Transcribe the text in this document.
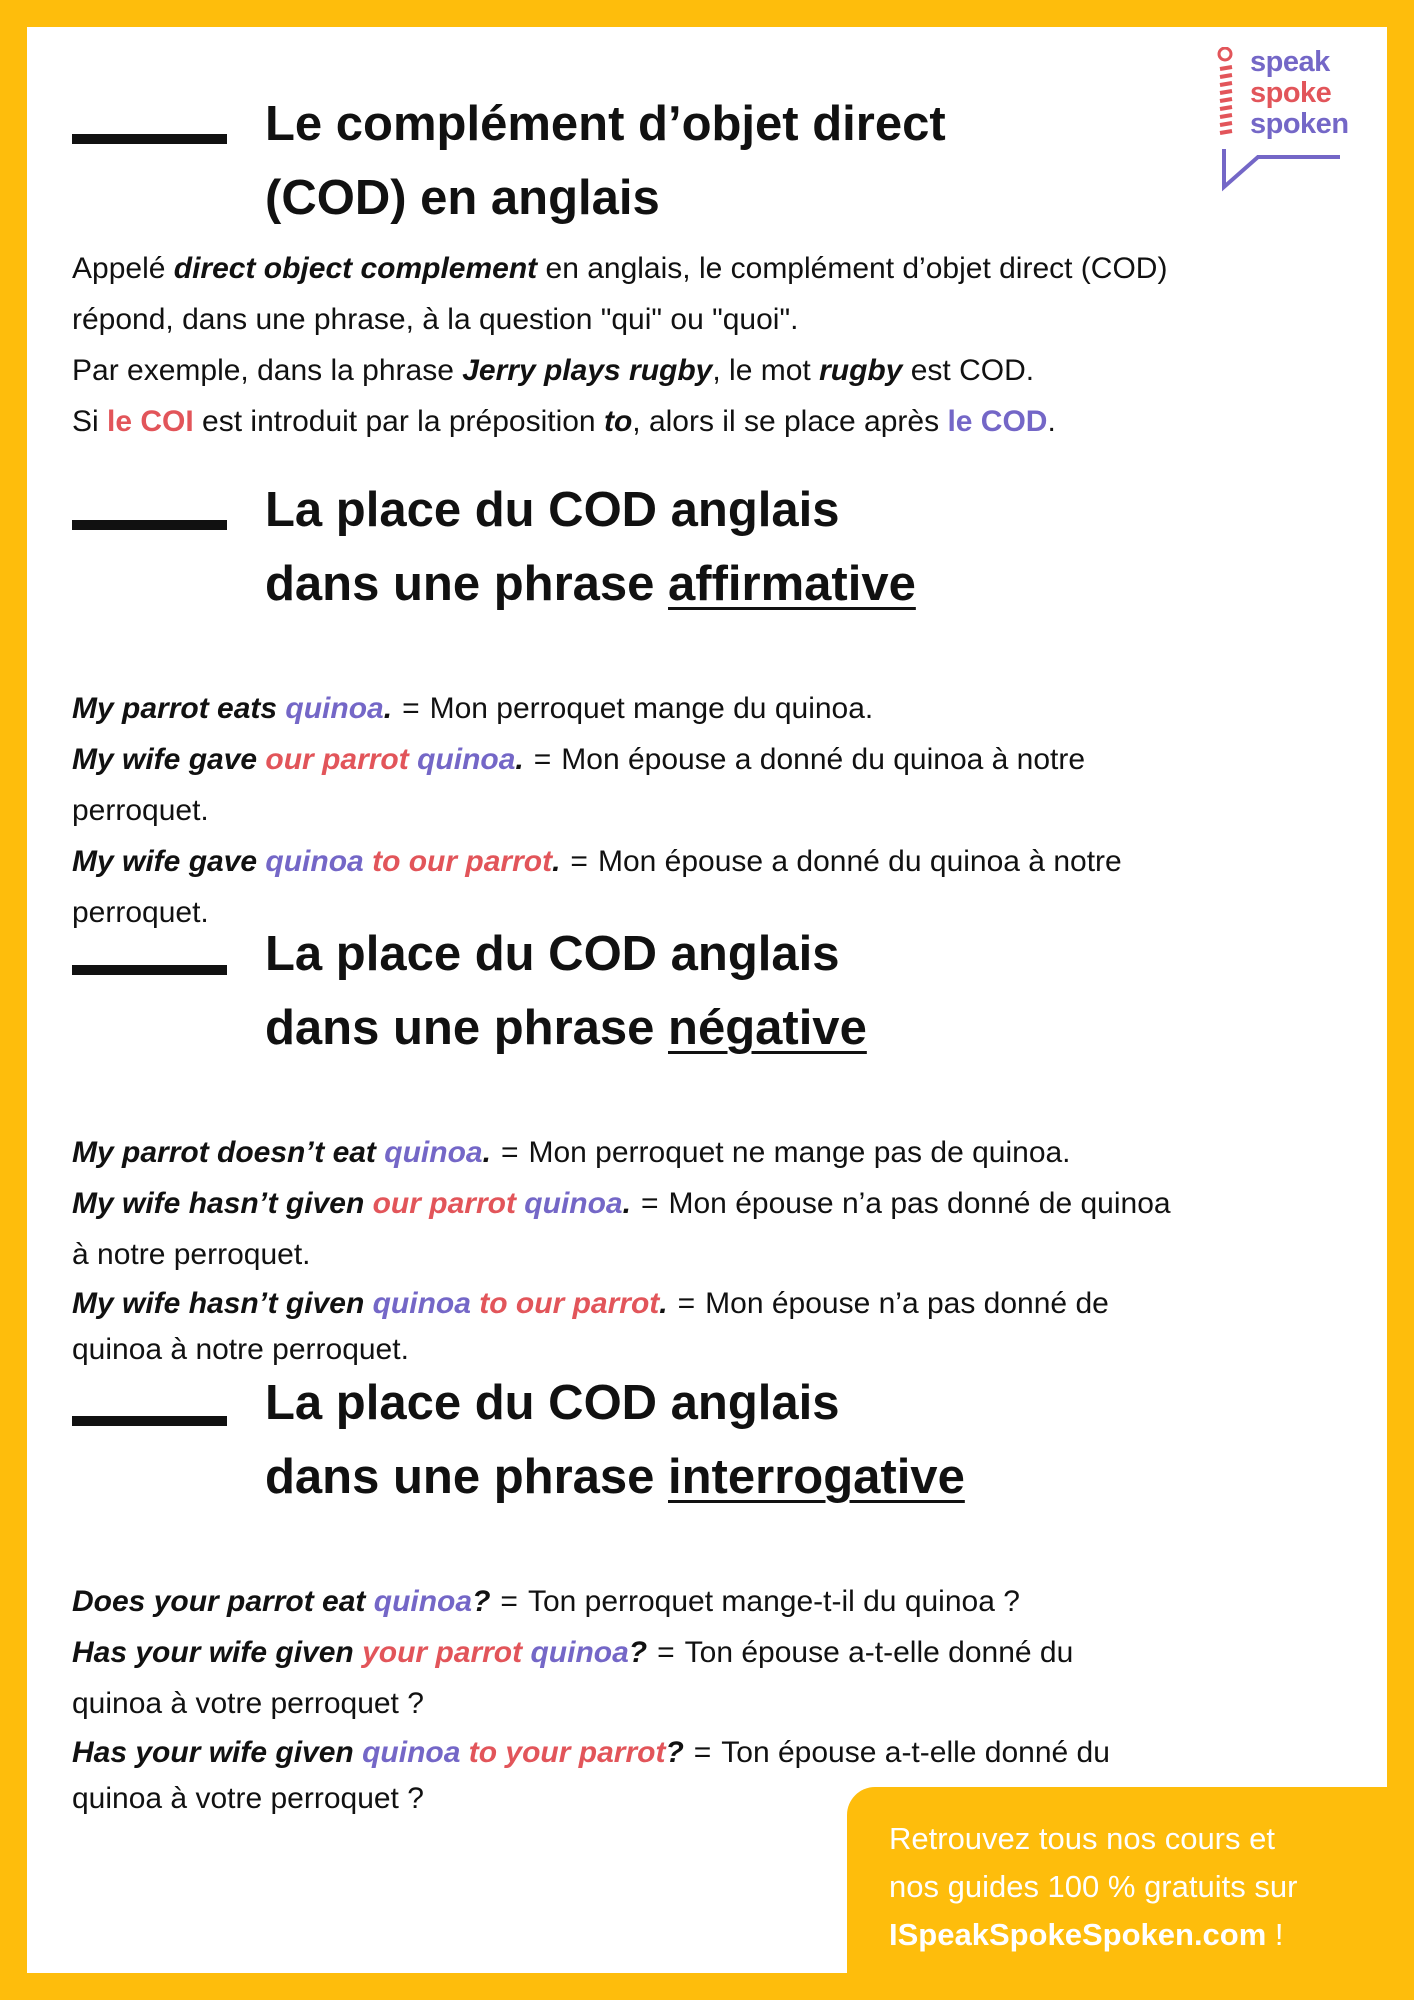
speak
spoke
spoken
Le complément d’objet direct
(COD) en anglais

Appelé direct object complement en anglais, le complément d’objet direct (COD)

répond, dans une phrase, à la question "qui" ou "quoi".

Par exemple, dans la phrase Jerry plays rugby, le mot rugby est COD.

Si le COI est introduit par la préposition to, alors il se place après le COD.

La place du COD anglais
dans une phrase affirmative

My parrot eats quinoa. = Mon perroquet mange du quinoa.

My wife gave our parrot quinoa. = Mon épouse a donné du quinoa à notre

perroquet.

My wife gave quinoa to our parrot. = Mon épouse a donné du quinoa à notre

perroquet.

La place du COD anglais
dans une phrase négative

My parrot doesn’t eat quinoa. = Mon perroquet ne mange pas de quinoa.

My wife hasn’t given our parrot quinoa. = Mon épouse n’a pas donné de quinoa

à notre perroquet.

My wife hasn’t given quinoa to our parrot. = Mon épouse n’a pas donné de

quinoa à notre perroquet.

La place du COD anglais
dans une phrase interrogative

Does your parrot eat quinoa? = Ton perroquet mange-t-il du quinoa ?

Has your wife given your parrot quinoa? = Ton épouse a-t-elle donné du

quinoa à votre perroquet ?

Has your wife given quinoa to your parrot? = Ton épouse a-t-elle donné du

quinoa à votre perroquet ?

Retrouvez tous nos cours et
nos guides 100 % gratuits sur
ISpeakSpokeSpoken.com !
